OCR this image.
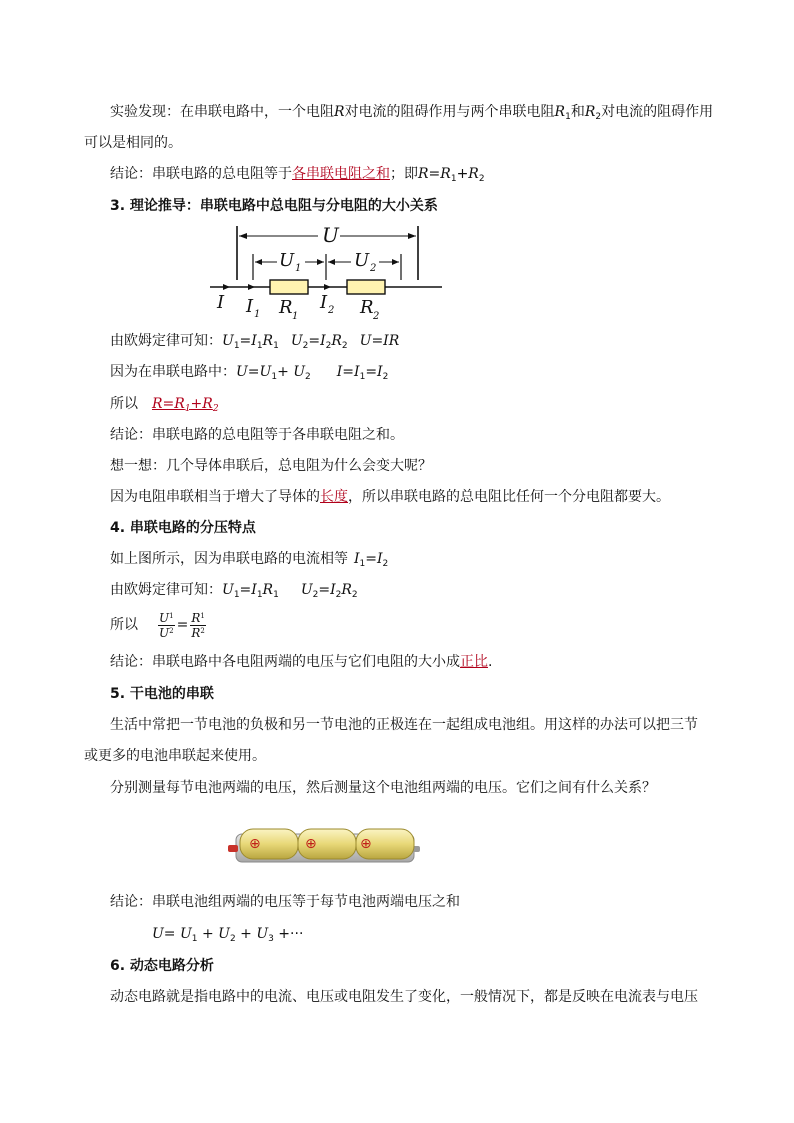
实验发现：在串联电路中，一个电阻R对电流的阻碍作用与两个串联电阻$R_1$和$R_2$对电流的阻碍作用
可以是相同的。
结论：串联电路的总电阻等于各串联电阻之和；即$R=R_1+R_2$
3. 理论推导：串联电路中总电阻与分电阻的大小关系
U
U 1	U 2
I I 1 R 1
I 2 R 2
由欧姆定律可知：$U_1=I_1R_1$ $U_2=I_2R_2$ U=IR
因为在串联电路中：$U=U_1+ U_2$ $I=I_1=I_2$
所以 $R=R_1+R_2$
结论：串联电路的总电阻等于各串联电阻之和。
想一想：几个导体串联后，总电阻为什么会变大呢？
因为电阻串联相当于增大了导体的长度，所以串联电路的总电阻比任何一个分电阻都要大。
4. 串联电路的分压特点
如上图所示，因为串联电路的电流相等 $I_1=I_2$
由欧姆定律可知：$U_1=I_1R_1$ $U_2=I_2R_2$
所以 $\frac{U^1}{U^2} = \frac{R^1}{R^2}$
结论：串联电路中各电阻两端的电压与它们电阻的大小成正比.
5. 干电池的串联
生活中常把一节电池的负极和另一节电池的正极连在一起组成电池组。用这样的办法可以把三节
或更多的电池串联起来使用。
分别测量每节电池两端的电压，然后测量这个电池组两端的电压。它们之间有什么关系？
⊕	⊕	⊕
结论：串联电池组两端的电压等于每节电池两端电压之和
$U= U_1 + U_2 + U_3$ +···
6. 动态电路分析
动态电路就是指电路中的电流、电压或电阻发生了变化，一般情况下，都是反映在电流表与电压
